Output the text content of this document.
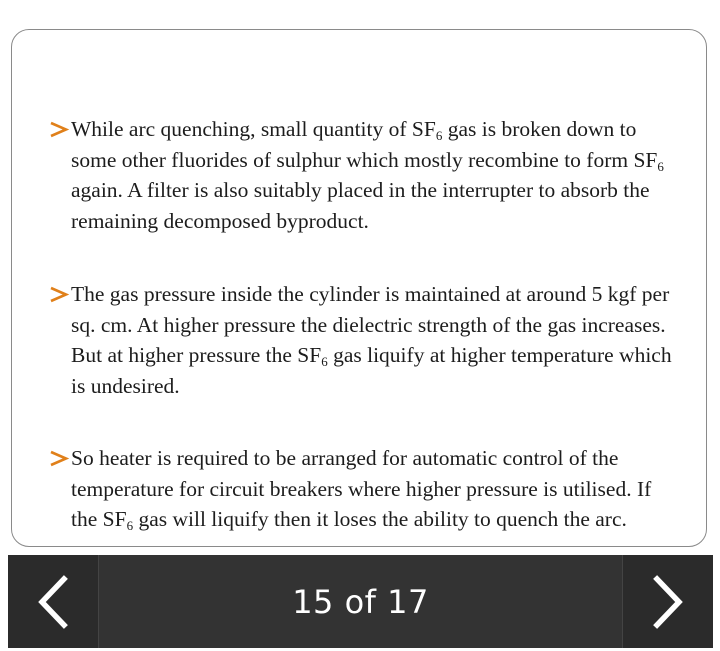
While arc quenching, small quantity of $SF_6$ gas is broken down to some other fluorides of sulphur which mostly recombine to form $SF_6$ again. A filter is also suitably placed in the interrupter to absorb the remaining decomposed byproduct.
The gas pressure inside the cylinder is maintained at around 5 kgf per sq. cm. At higher pressure the dielectric strength of the gas increases. But at higher pressure the $SF_6$ gas liquify at higher temperature which is undesired.
So heater is required to be arranged for automatic control of the temperature for circuit breakers where higher pressure is utilised. If the $SF_6$ gas will liquify then it loses the ability to quench the arc.
15 of 17
